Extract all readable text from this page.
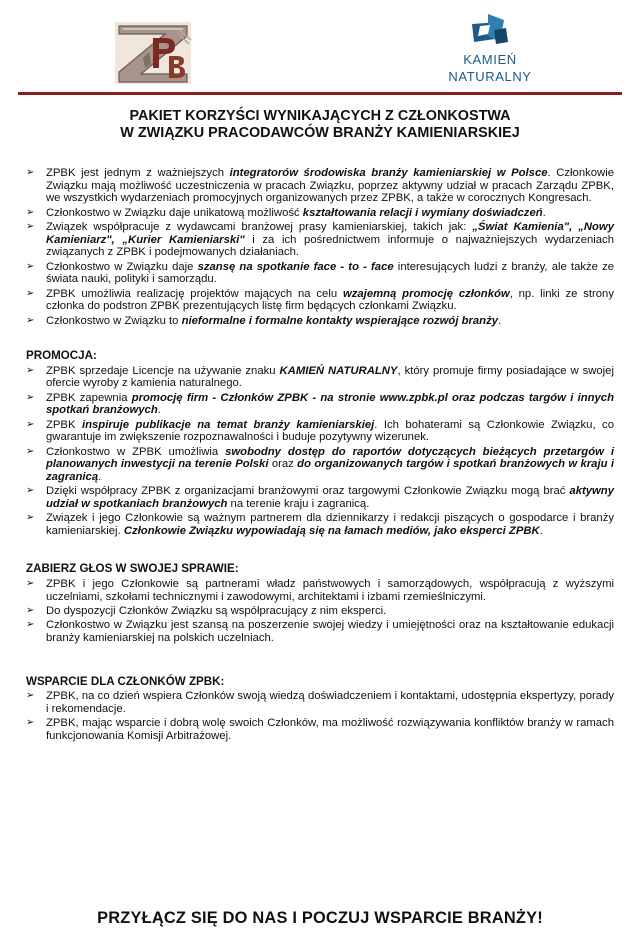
KAMIEŃ
NATURALNY
PAKIET KORZYŚCI WYNIKAJĄCYCH Z CZŁONKOSTWA
W ZWIĄZKU PRACODAWCÓW BRANŻY KAMIENIARSKIEJ
➢	ZPBK jest jednym z ważniejszych integratorów środowiska branży kamieniarskiej w Polsce. Członkowie Związku mają możliwość uczestniczenia w pracach Związku, poprzez aktywny udział w pracach Zarządu ZPBK, we wszystkich wydarzeniach promocyjnych organizowanych przez ZPBK, a także w corocznych Kongresach.
➢	Członkostwo w Związku daje unikatową możliwość kształtowania relacji i wymiany doświadczeń.
➢	Związek współpracuje z wydawcami branżowej prasy kamieniarskiej, takich jak: „Świat Kamienia", „Nowy Kamieniarz", „Kurier Kamieniarski" i za ich pośrednictwem informuje o najważniejszych wydarzeniach związanych z ZPBK i podejmowanych działaniach.
➢	Członkostwo w Związku daje szansę na spotkanie face - to - face interesujących ludzi z branży, ale także ze świata nauki, polityki i samorządu.
➢	ZPBK umożliwia realizację projektów mających na celu wzajemną promocję członków, np. linki ze strony członka do podstron ZPBK prezentujących listę firm będących członkami Związku.
➢	Członkostwo w Związku to nieformalne i formalne kontakty wspierające rozwój branży.
PROMOCJA:
➢	ZPBK sprzedaje Licencje na używanie znaku KAMIEŃ NATURALNY, który promuje firmy posiadające w swojej ofercie wyroby z kamienia naturalnego.
➢	ZPBK zapewnia promocję firm - Członków ZPBK - na stronie www.zpbk.pl oraz podczas targów i innych spotkań branżowych.
➢	ZPBK inspiruje publikacje na temat branży kamieniarskiej. Ich bohaterami są Członkowie Związku, co gwarantuje im zwiększenie rozpoznawalności i buduje pozytywny wizerunek.
➢	Członkostwo w ZPBK umożliwia swobodny dostęp do raportów dotyczących bieżących przetargów i planowanych inwestycji na terenie Polski oraz do organizowanych targów i spotkań branżowych w kraju i zagranicą.
➢	Dzięki współpracy ZPBK z organizacjami branżowymi oraz targowymi Członkowie Związku mogą brać aktywny udział w spotkaniach branżowych na terenie kraju i zagranicą.
➢	Związek i jego Członkowie są ważnym partnerem dla dziennikarzy i redakcji piszących o gospodarce i branży kamieniarskiej. Członkowie Związku wypowiadają się na łamach mediów, jako eksperci ZPBK.
ZABIERZ GŁOS W SWOJEJ SPRAWIE:
➢	ZPBK i jego Członkowie są partnerami władz państwowych i samorządowych, współpracują z wyższymi uczelniami, szkołami technicznymi i zawodowymi, architektami i izbami rzemieślniczymi.
➢	Do dyspozycji Członków Związku są współpracujący z nim eksperci.
➢	Członkostwo w Związku jest szansą na poszerzenie swojej wiedzy i umiejętności oraz na kształtowanie edukacji branży kamieniarskiej na polskich uczelniach.
WSPARCIE DLA CZŁONKÓW ZPBK:
➢	ZPBK, na co dzień wspiera Członków swoją wiedzą doświadczeniem i kontaktami, udostępnia ekspertyzy, porady i rekomendacje.
➢	ZPBK, mając wsparcie i dobrą wolę swoich Członków, ma możliwość rozwiązywania konfliktów branży w ramach funkcjonowania Komisji Arbitrażowej.
PRZYŁĄCZ SIĘ DO NAS I POCZUJ WSPARCIE BRANŻY!
